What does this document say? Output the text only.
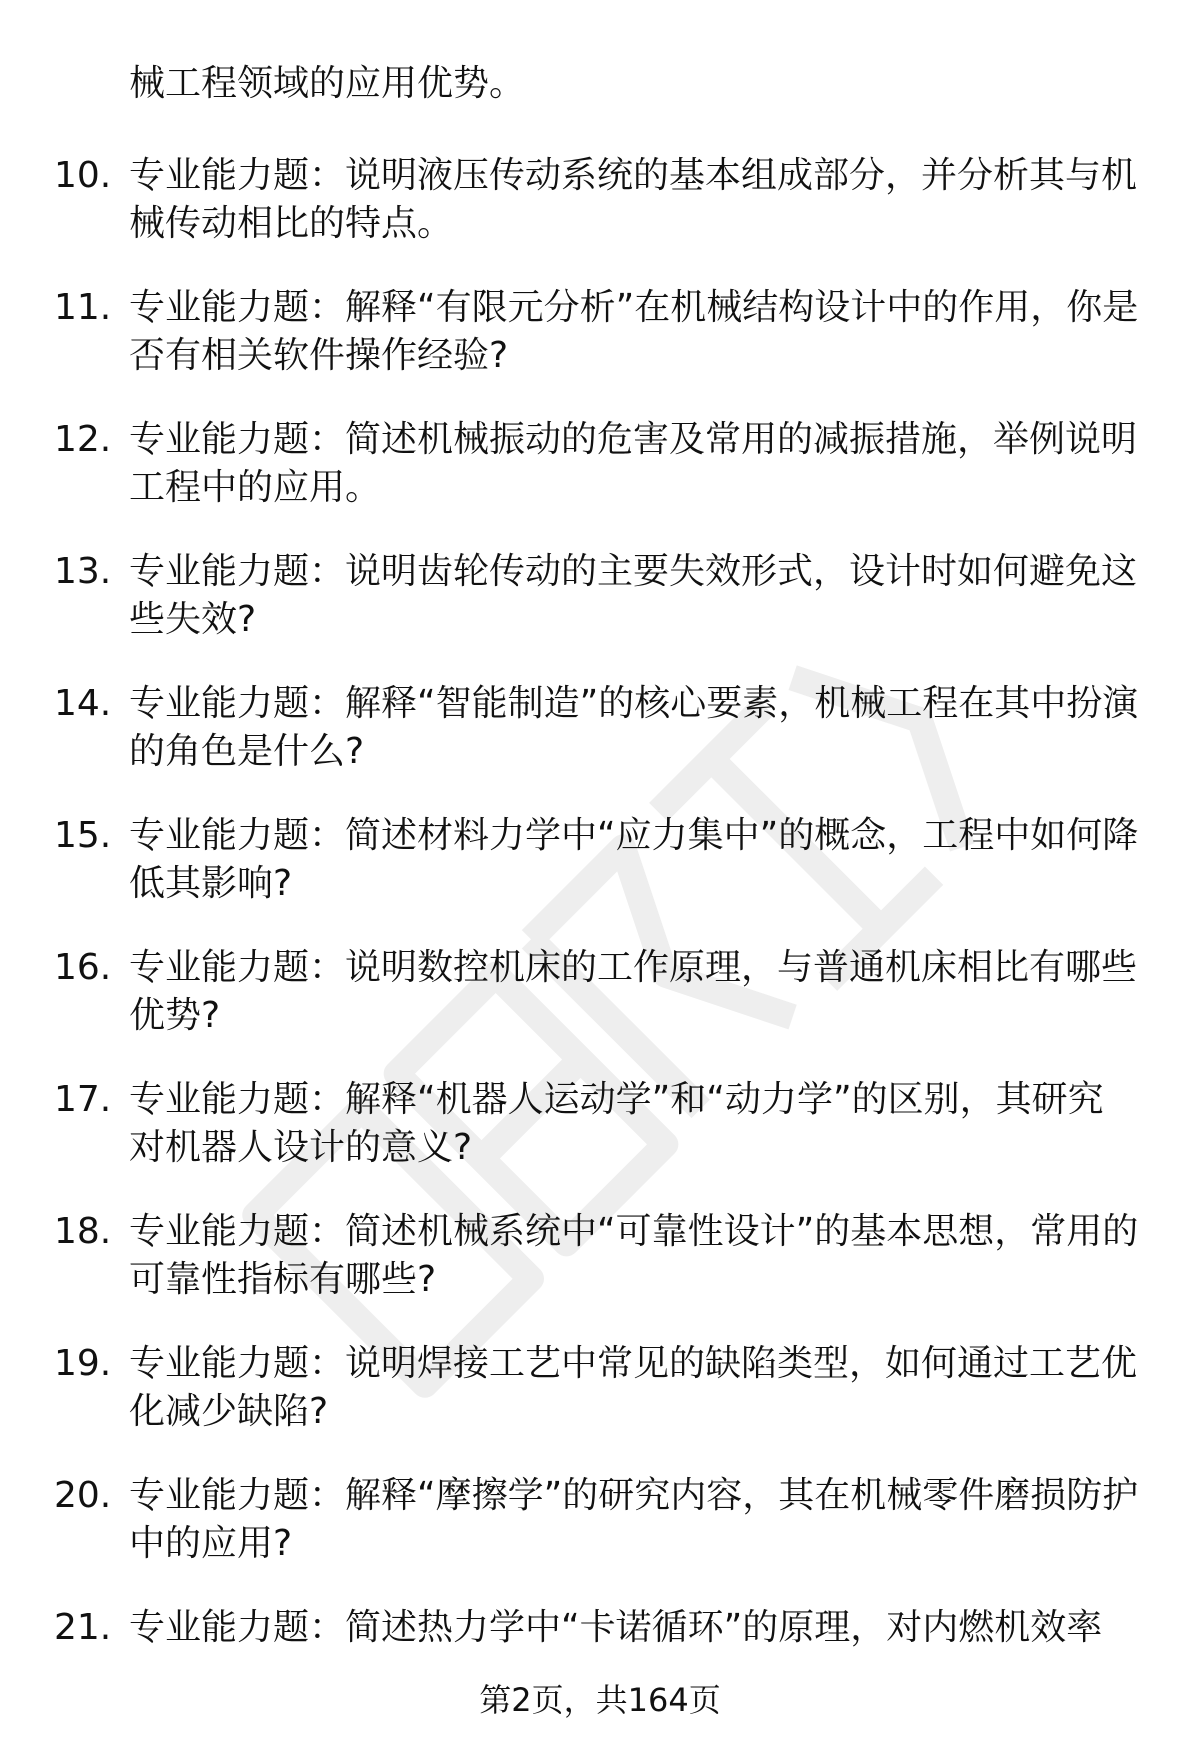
械工程领域的应用优势。
10. 专业能力题：说明液压传动系统的基本组成部分，并分析其与机械传动相比的特点。
11. 专业能力题：解释“有限元分析”在机械结构设计中的作用，你是否有相关软件操作经验?
12. 专业能力题：简述机械振动的危害及常用的减振措施，举例说明工程中的应用。
13. 专业能力题：说明齿轮传动的主要失效形式，设计时如何避免这些失效?
14. 专业能力题：解释“智能制造”的核心要素，机械工程在其中扮演的角色是什么?
15. 专业能力题：简述材料力学中“应力集中”的概念，工程中如何降低其影响?
16. 专业能力题：说明数控机床的工作原理，与普通机床相比有哪些优势?
17. 专业能力题：解释“机器人运动学”和“动力学”的区别，其研究对机器人设计的意义?
18. 专业能力题：简述机械系统中“可靠性设计”的基本思想，常用的可靠性指标有哪些?
19. 专业能力题：说明焊接工艺中常见的缺陷类型，如何通过工艺优化减少缺陷?
20. 专业能力题：解释“摩擦学”的研究内容，其在机械零件磨损防护中的应用?
21. 专业能力题：简述热力学中“卡诺循环”的原理，对内燃机效率
第2页，共164页
